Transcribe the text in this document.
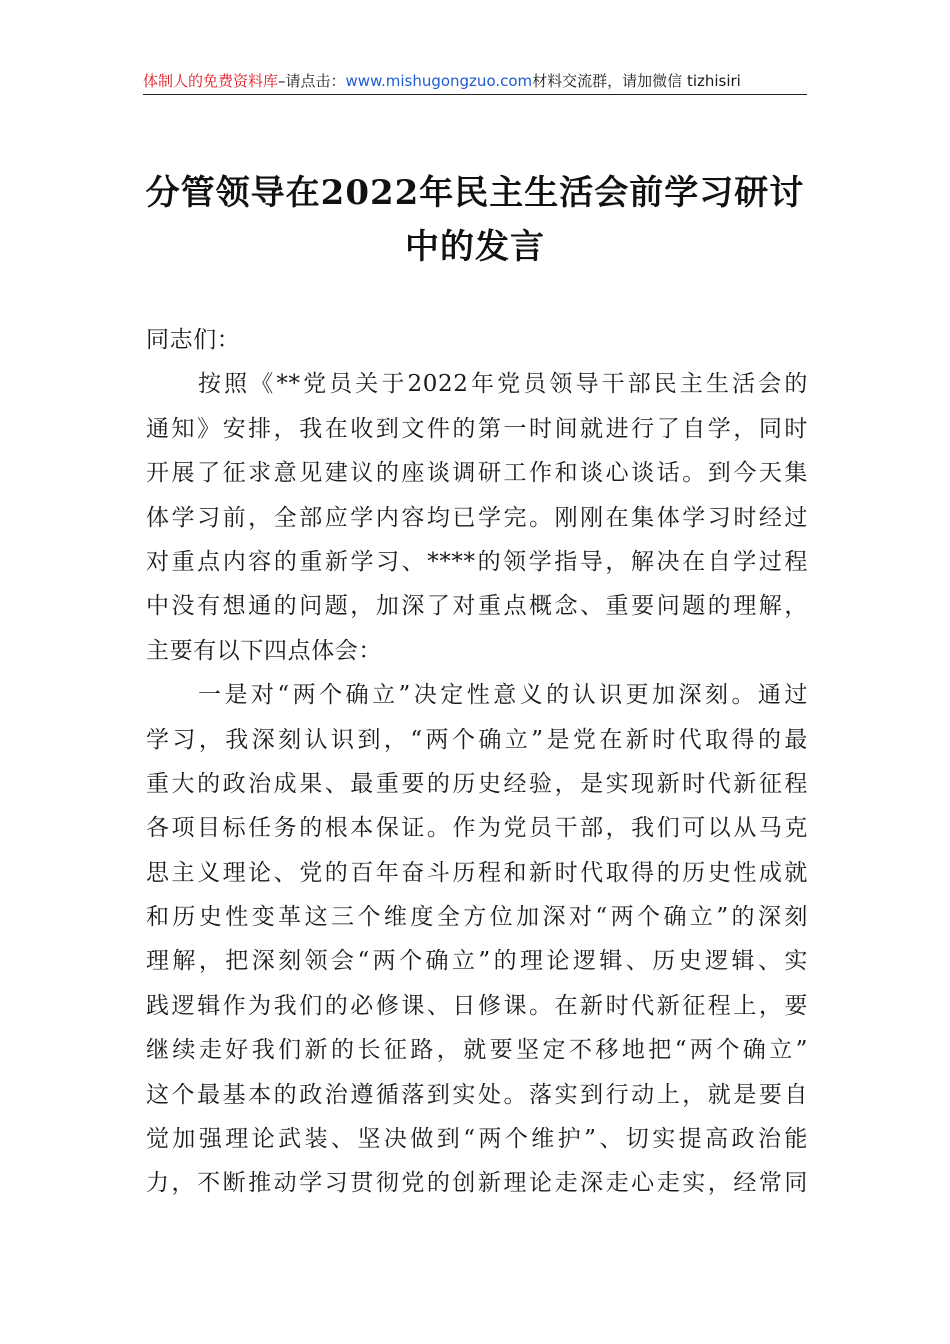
体制人的免费资料库–请点击：www.mishugongzuo.com材料交流群，请加微信 tizhisiri
分管领导在2022年民主生活会前学习研讨
中的发言
同志们：
按照《**党员关于2022年党员领导干部民主生活会的
通知》安排，我在收到文件的第一时间就进行了自学，同时
开展了征求意见建议的座谈调研工作和谈心谈话。到今天集
体学习前，全部应学内容均已学完。刚刚在集体学习时经过
对重点内容的重新学习、****的领学指导，解决在自学过程
中没有想通的问题，加深了对重点概念、重要问题的理解，
主要有以下四点体会：
一是对“两个确立”决定性意义的认识更加深刻。通过
学习，我深刻认识到，“两个确立”是党在新时代取得的最
重大的政治成果、最重要的历史经验，是实现新时代新征程
各项目标任务的根本保证。作为党员干部，我们可以从马克
思主义理论、党的百年奋斗历程和新时代取得的历史性成就
和历史性变革这三个维度全方位加深对“两个确立”的深刻
理解，把深刻领会“两个确立”的理论逻辑、历史逻辑、实
践逻辑作为我们的必修课、日修课。在新时代新征程上，要
继续走好我们新的长征路，就要坚定不移地把“两个确立”
这个最基本的政治遵循落到实处。落实到行动上，就是要自
觉加强理论武装、坚决做到“两个维护”、切实提高政治能
力，不断推动学习贯彻党的创新理论走深走心走实，经常同
